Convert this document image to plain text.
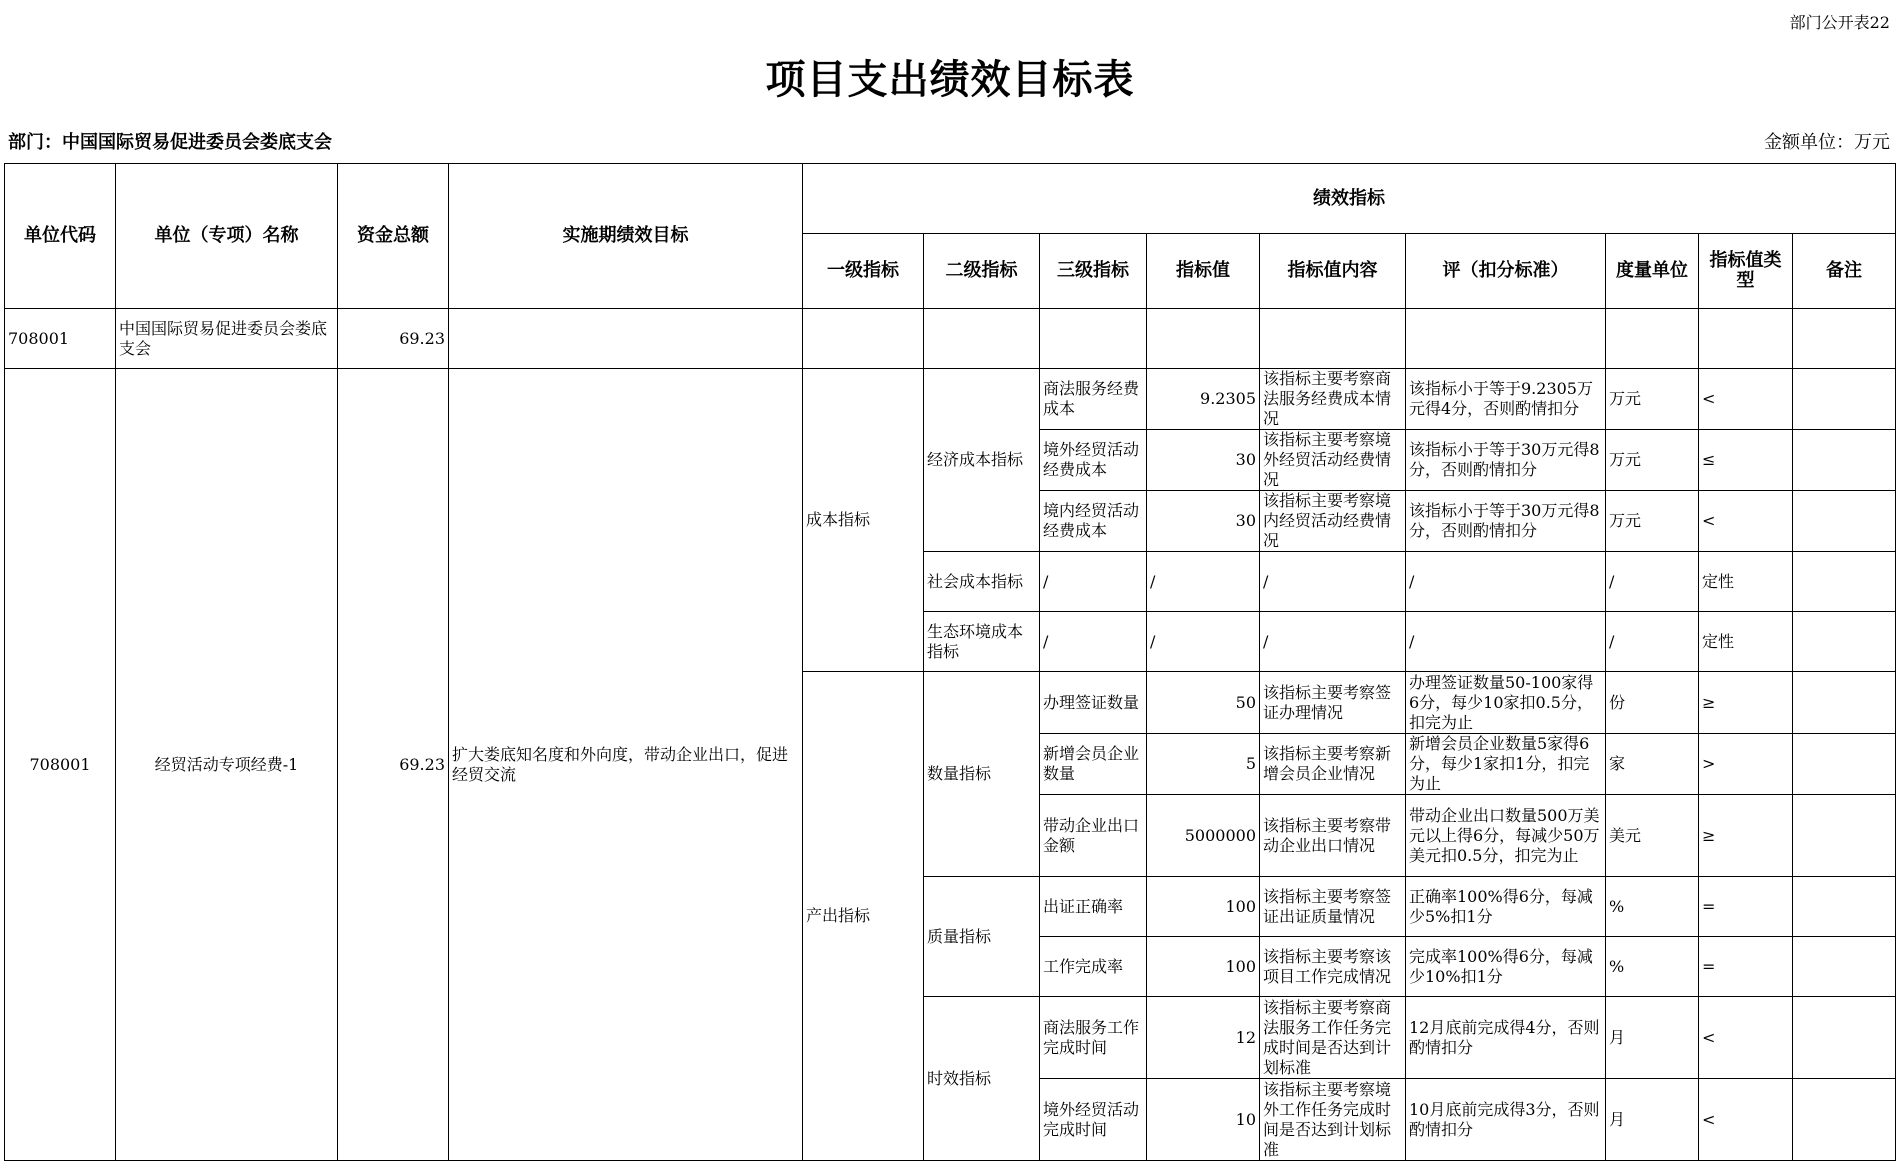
部门公开表22
项目支出绩效目标表
部门：中国国际贸易促进委员会娄底支会	金额单位：万元
单位代码	单位（专项）名称	资金总额	实施期绩效目标	绩效指标								
				一级指标	二级指标	三级指标	指标值	指标值内容	评（扣分标准）	度量单位	指标值类型	备注
708001	中国国际贸易促进委员会娄底支会	69.23										
708001	经贸活动专项经费-1	69.23	扩大娄底知名度和外向度，带动企业出口，促进经贸交流	成本指标	经济成本指标	商法服务经费成本	9.2305	该指标主要考察商法服务经费成本情况	该指标小于等于9.2305万元得4分，否则酌情扣分	万元	<	
						境外经贸活动经费成本	30	该指标主要考察境外经贸活动经费情况	该指标小于等于30万元得8分，否则酌情扣分	万元	≤	
						境内经贸活动经费成本	30	该指标主要考察境内经贸活动经费情况	该指标小于等于30万元得8分，否则酌情扣分	万元	<	
					社会成本指标	/	/	/	/	/	定性	
					生态环境成本指标	/	/	/	/	/	定性	
				产出指标	数量指标	办理签证数量	50	该指标主要考察签证办理情况	办理签证数量50-100家得6分，每少10家扣0.5分，扣完为止	份	≥	
						新增会员企业数量	5	该指标主要考察新增会员企业情况	新增会员企业数量5家得6分，每少1家扣1分，扣完为止	家	>	
						带动企业出口金额	5000000	该指标主要考察带动企业出口情况	带动企业出口数量500万美元以上得6分，每减少50万美元扣0.5分，扣完为止	美元	≥	
					质量指标	出证正确率	100	该指标主要考察签证出证质量情况	正确率100%得6分，每减少5%扣1分	%	=	
						工作完成率	100	该指标主要考察该项目工作完成情况	完成率100%得6分，每减少10%扣1分	%	=	
					时效指标	商法服务工作完成时间	12	该指标主要考察商法服务工作任务完成时间是否达到计划标准	12月底前完成得4分，否则酌情扣分	月	<	
						境外经贸活动完成时间	10	该指标主要考察境外工作任务完成时间是否达到计划标准	10月底前完成得3分，否则酌情扣分	月	<	
